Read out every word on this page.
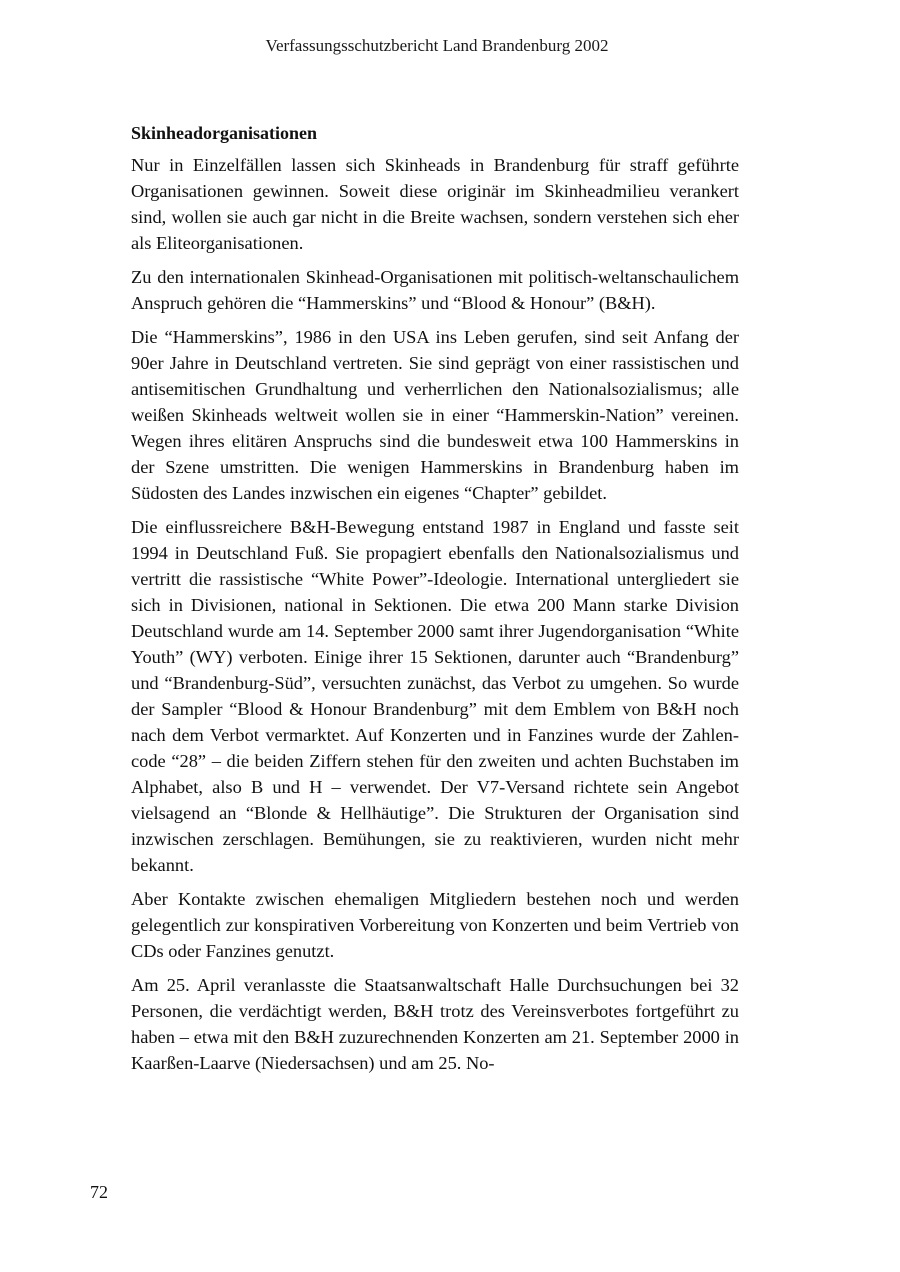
Verfassungsschutzbericht Land Brandenburg 2002
Skinheadorganisationen

Nur in Einzelfällen lassen sich Skinheads in Brandenburg für straff geführte Organisationen gewinnen. Soweit diese originär im Skinheadmilieu verankert sind, wollen sie auch gar nicht in die Breite wachsen, sondern verstehen sich eher als Eliteorganisationen.

Zu den internationalen Skinhead-Organisationen mit politisch-weltanschaulichem Anspruch gehören die “Hammerskins” und “Blood & Honour” (B&H).

Die “Hammerskins”, 1986 in den USA ins Leben gerufen, sind seit Anfang der 90er Jahre in Deutschland vertreten. Sie sind geprägt von einer rassistischen und antisemitischen Grundhaltung und verherrlichen den Nationalsozialismus; alle weißen Skinheads weltweit wollen sie in einer “Hammerskin-Nation” vereinen. Wegen ihres elitären Anspruchs sind die bundesweit etwa 100 Hammerskins in der Szene umstritten. Die wenigen Hammerskins in Brandenburg haben im Südosten des Landes inzwischen ein eigenes “Chapter” gebildet.

Die einflussreichere B&H-Bewegung entstand 1987 in England und fasste seit 1994 in Deutschland Fuß. Sie propagiert ebenfalls den Nationalsozialismus und vertritt die rassistische “White Power”-Ideologie. International untergliedert sie sich in Divisionen, national in Sektionen. Die etwa 200 Mann starke Division Deutschland wurde am 14. September 2000 samt ihrer Jugendorganisation “White Youth” (WY) verboten. Einige ihrer 15 Sektionen, darunter auch “Brandenburg” und “Brandenburg-Süd”, versuchten zunächst, das Verbot zu umgehen. So wurde der Sampler “Blood & Honour Brandenburg” mit dem Emblem von B&H noch nach dem Verbot vermarktet. Auf Konzerten und in Fanzines wurde der Zahlencode “28” – die beiden Ziffern stehen für den zweiten und achten Buchstaben im Alphabet, also B und H – verwendet. Der V7-Versand richtete sein Angebot vielsagend an “Blonde & Hellhäutige”. Die Strukturen der Organisation sind inzwischen zerschlagen. Bemühungen, sie zu reaktivieren, wurden nicht mehr bekannt.

Aber Kontakte zwischen ehemaligen Mitgliedern bestehen noch und werden gelegentlich zur konspirativen Vorbereitung von Konzerten und beim Vertrieb von CDs oder Fanzines genutzt.

Am 25. April veranlasste die Staatsanwaltschaft Halle Durchsuchungen bei 32 Personen, die verdächtigt werden, B&H trotz des Vereinsverbotes fortgeführt zu haben – etwa mit den B&H zuzurechnenden Konzerten am 21. September 2000 in Kaarßen-Laarve (Niedersachsen) und am 25. No-

72
